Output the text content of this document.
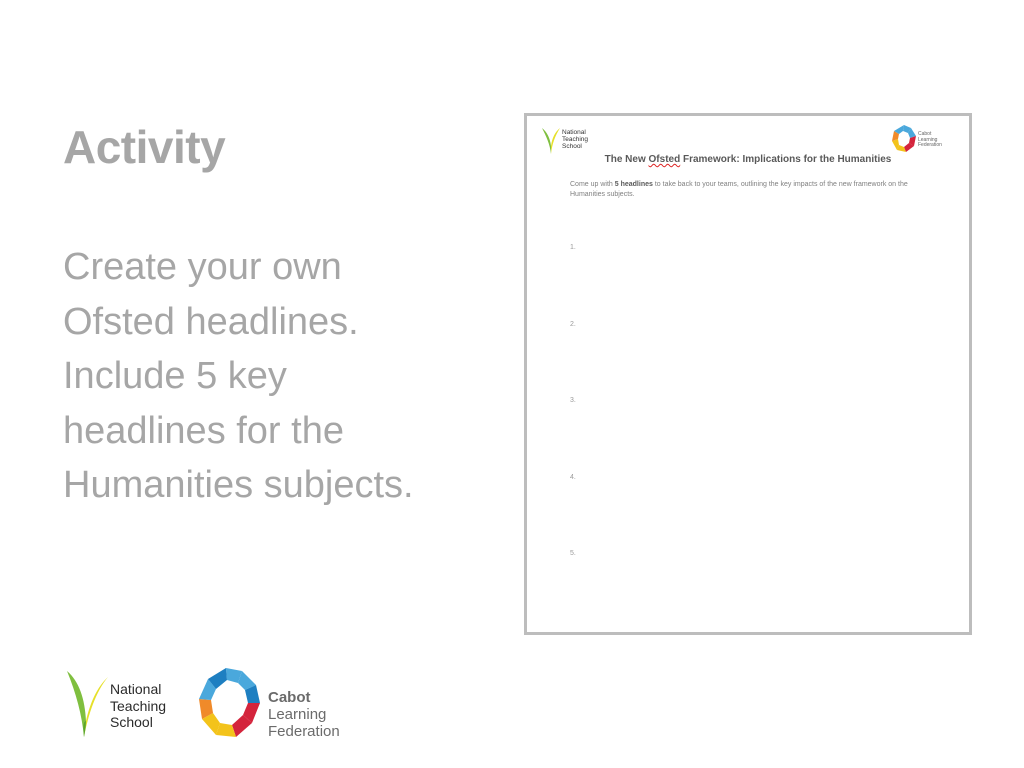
Activity
Create your own
Ofsted headlines.
Include 5 key
headlines for the
Humanities subjects.
National
Teaching
School
Cabot
Learning
Federation
The New Ofsted Framework: Implications for the Humanities
Come up with 5 headlines to take back to your teams, outlining the key impacts of the new framework on the Humanities subjects.
1.
2.
3.
4.
5.
National
Teaching
School
Cabot
Learning
Federation
